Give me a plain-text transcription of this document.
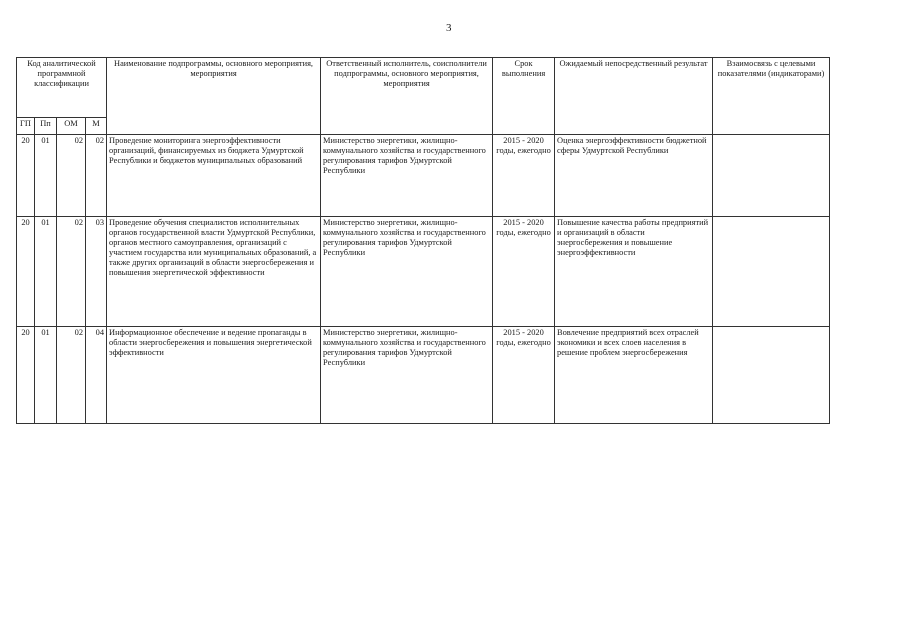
3
Код аналитической программной классификации				Наименование подпрограммы, основного мероприятия, мероприятия	Ответственный исполнитель, соисполнители подпрограммы, основного мероприятия, мероприятия	Срок выполнения	Ожидаемый непосредственный результат	Взаимосвязь с целевыми показателями (индикаторами)
ГП	Пп	ОМ	М					
20	01	02	02	Проведение мониторинга энергоэффективности организаций, финансируемых из бюджета Удмуртской Республики и бюджетов муниципальных образований	Министерство энергетики, жилищно-коммунального хозяйства и государственного регулирования тарифов Удмуртской Республики	2015 - 2020 годы, ежегодно	Оценка энергоэффективности бюджетной сферы Удмуртской Республики	
20	01	02	03	Проведение обучения специалистов исполнительных органов государственной власти Удмуртской Республики, органов местного самоуправления, организаций с участием государства или муниципальных образований, а также других организаций в области энергосбережения и повышения энергетической эффективности	Министерство энергетики, жилищно-коммунального хозяйства и государственного регулирования тарифов Удмуртской Республики	2015 - 2020 годы, ежегодно	Повышение качества работы предприятий и организаций в области энергосбережения и повышение энергоэффективности	
20	01	02	04	Информационное обеспечение и ведение пропаганды в области энергосбережения и повышения энергетической эффективности	Министерство энергетики, жилищно-коммунального хозяйства и государственного регулирования тарифов Удмуртской Республики	2015 - 2020 годы, ежегодно	Вовлечение предприятий всех отраслей экономики и всех слоев населения в решение проблем энергосбережения	
